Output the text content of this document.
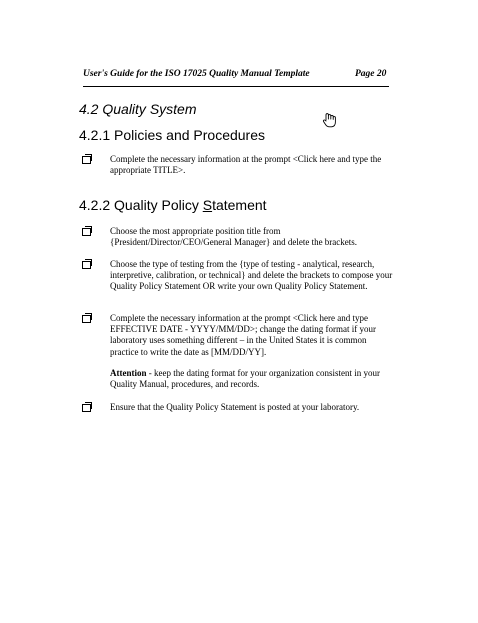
User's Guide for the ISO 17025 Quality Manual Template	Page 20
4.2 Quality System
4.2.1 Policies and Procedures

Complete the necessary information at the prompt <Click here and type the appropriate TITLE>.

4.2.2 Quality Policy Statement

Choose the most appropriate position title from {President/Director/CEO/General Manager} and delete the brackets.

Choose the type of testing from the {type of testing - analytical, research, interpretive, calibration, or technical} and delete the brackets to compose your Quality Policy Statement OR write your own Quality Policy Statement.

Complete the necessary information at the prompt <Click here and type EFFECTIVE DATE - YYYY/MM/DD>; change the dating format if your laboratory uses something different – in the United States it is common practice to write the date as [MM/DD/YY].

Attention - keep the dating format for your organization consistent in your Quality Manual, procedures, and records.

Ensure that the Quality Policy Statement is posted at your laboratory.
